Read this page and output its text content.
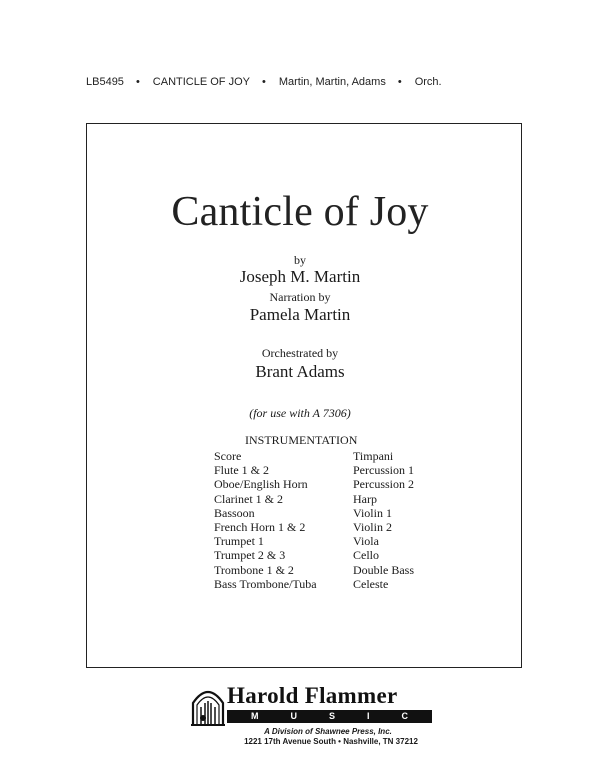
LB5495 • CANTICLE OF JOY • Martin, Martin, Adams • Orch.
Canticle of Joy
by
Joseph M. Martin
Narration by
Pamela Martin
Orchestrated by
Brant Adams
(for use with A 7306)
INSTRUMENTATION
Score
Flute 1 & 2
Oboe/English Horn
Clarinet 1 & 2
Bassoon
French Horn 1 & 2
Trumpet 1
Trumpet 2 & 3
Trombone 1 & 2
Bass Trombone/Tuba
Timpani
Percussion 1
Percussion 2
Harp
Violin 1
Violin 2
Viola
Cello
Double Bass
Celeste
Harold Flammer
M	U	S	I	C
A Division of Shawnee Press, Inc.
1221 17th Avenue South • Nashville, TN 37212
